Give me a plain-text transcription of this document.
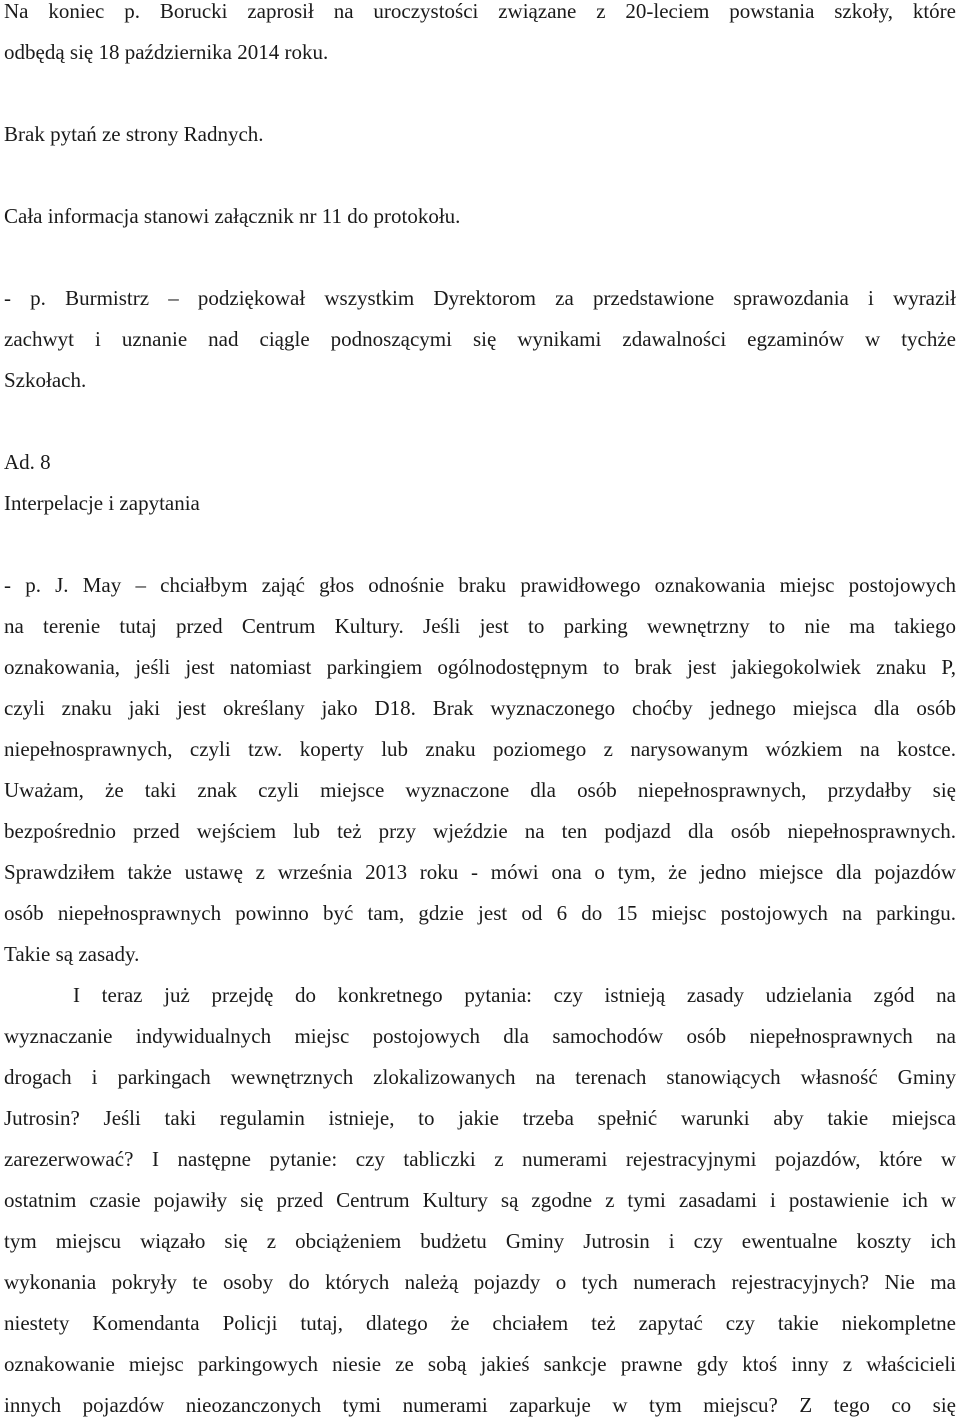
Na koniec p. Borucki zaprosił na uroczystości związane z 20-leciem powstania szkoły, które
odbędą się 18 października 2014 roku.
Brak pytań ze strony Radnych.
Cała informacja stanowi załącznik nr 11 do protokołu.
- p. Burmistrz – podziękował wszystkim Dyrektorom za przedstawione sprawozdania i wyraził
zachwyt i uznanie nad ciągle podnoszącymi się wynikami zdawalności egzaminów w tychże
Szkołach.
Ad. 8
Interpelacje i zapytania
- p. J. May – chciałbym zająć głos odnośnie braku prawidłowego oznakowania miejsc postojowych
na terenie tutaj przed Centrum Kultury. Jeśli jest to parking wewnętrzny to nie ma takiego
oznakowania, jeśli jest natomiast parkingiem ogólnodostępnym to brak jest jakiegokolwiek znaku P,
czyli znaku jaki jest określany jako D18. Brak wyznaczonego choćby jednego miejsca dla osób
niepełnosprawnych, czyli tzw. koperty lub znaku poziomego z narysowanym wózkiem na kostce.
Uważam, że taki znak czyli miejsce wyznaczone dla osób niepełnosprawnych, przydałby się
bezpośrednio przed wejściem lub też przy wjeździe na ten podjazd dla osób niepełnosprawnych.
Sprawdziłem także ustawę z września 2013 roku - mówi ona o tym, że jedno miejsce dla pojazdów
osób niepełnosprawnych powinno być tam, gdzie jest od 6 do 15 miejsc postojowych na parkingu.
Takie są zasady.
I teraz już przejdę do konkretnego pytania: czy istnieją zasady udzielania zgód na
wyznaczanie indywidualnych miejsc postojowych dla samochodów osób niepełnosprawnych na
drogach i parkingach wewnętrznych zlokalizowanych na terenach stanowiących własność Gminy
Jutrosin? Jeśli taki regulamin istnieje, to jakie trzeba spełnić warunki aby takie miejsca
zarezerwować? I następne pytanie: czy tabliczki z numerami rejestracyjnymi pojazdów, które w
ostatnim czasie pojawiły się przed Centrum Kultury są zgodne z tymi zasadami i postawienie ich w
tym miejscu wiązało się z obciążeniem budżetu Gminy Jutrosin i czy ewentualne koszty ich
wykonania pokryły te osoby do których należą pojazdy o tych numerach rejestracyjnych? Nie ma
niestety Komendanta Policji tutaj, dlatego że chciałem też zapytać czy takie niekompletne
oznakowanie miejsc parkingowych niesie ze sobą jakieś sankcje prawne gdy ktoś inny z właścicieli
innych pojazdów nieozanczonych tymi numerami zaparkuje w tym miejscu? Z tego co się
